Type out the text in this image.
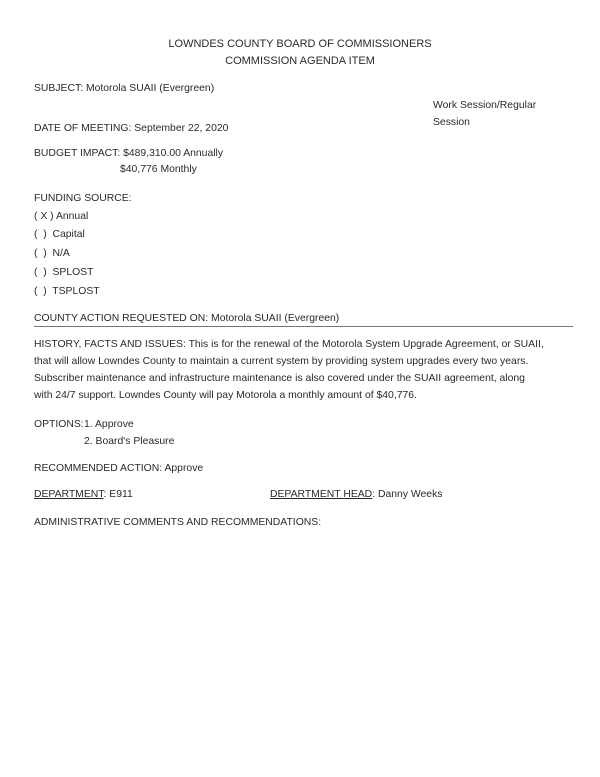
LOWNDES COUNTY BOARD OF COMMISSIONERS
COMMISSION AGENDA ITEM
SUBJECT: Motorola SUAII (Evergreen)
Work Session/Regular
Session
DATE OF MEETING: September 22, 2020
BUDGET IMPACT: $489,310.00 Annually
$40,776 Monthly
FUNDING SOURCE:
( X ) Annual
(  )  Capital
(  )  N/A
(  )  SPLOST
(  )  TSPLOST
COUNTY ACTION REQUESTED ON: Motorola SUAII (Evergreen)
HISTORY, FACTS AND ISSUES: This is for the renewal of the Motorola System Upgrade Agreement, or SUAII,
that will allow Lowndes County to maintain a current system by providing system upgrades every two years.
Subscriber maintenance and infrastructure maintenance is also covered under the SUAII agreement, along
with 24/7 support. Lowndes County will pay Motorola a monthly amount of $40,776.
OPTIONS: 1. Approve
2. Board's Pleasure
RECOMMENDED ACTION: Approve
DEPARTMENT: E911	DEPARTMENT HEAD: Danny Weeks
ADMINISTRATIVE COMMENTS AND RECOMMENDATIONS:
